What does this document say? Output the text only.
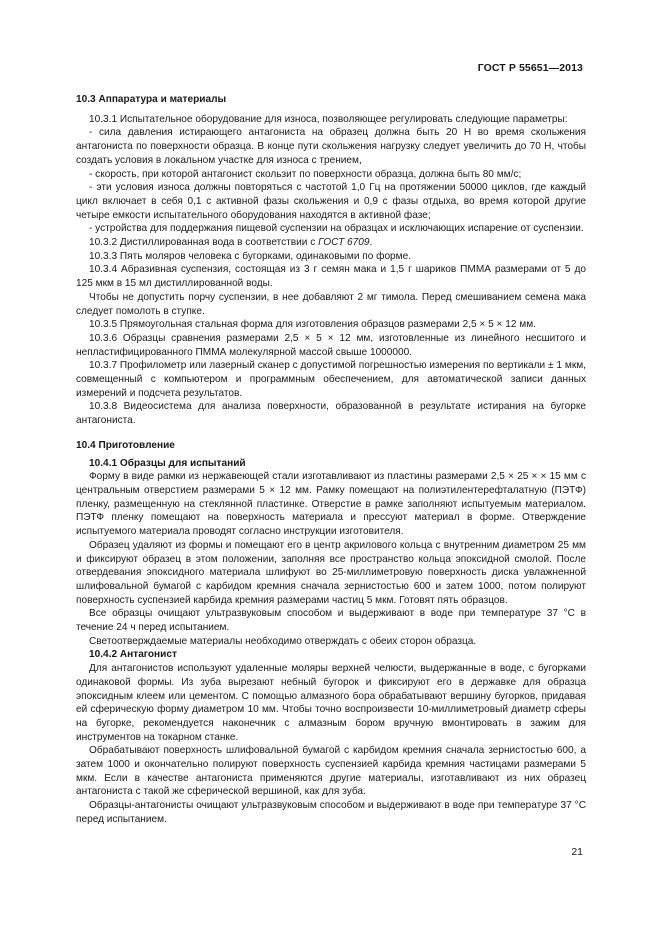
ГОСТ Р 55651—2013
10.3 Аппаратура и материалы

10.3.1 Испытательное оборудование для износа, позволяющее регулировать следующие параметры:

- сила давления истирающего антагониста на образец должна быть 20 Н во время скольжения антагониста по поверхности образца. В конце пути скольжения нагрузку следует увеличить до 70 Н, чтобы создать условия в локальном участке для износа с трением,

- скорость, при которой антагонист скользит по поверхности образца, должна быть 80 мм/с;

- эти условия износа должны повторяться с частотой 1,0 Гц на протяжении 50000 циклов, где каждый цикл включает в себя 0,1 с активной фазы скольжения и 0,9 с фазы отдыха, во время которой другие четыре емкости испытательного оборудования находятся в активной фазе;

- устройства для поддержания пищевой суспензии на образцах и исключающих испарение от суспензии.

10.3.2 Дистиллированная вода в соответствии с ГОСТ 6709.

10.3.3 Пять моляров человека с бугорками, одинаковыми по форме.

10.3.4 Абразивная суспензия, состоящая из 3 г семян мака и 1,5 г шариков ПММА размерами от 5 до 125 мкм в 15 мл дистиллированной воды.

Чтобы не допустить порчу суспензии, в нее добавляют 2 мг тимола. Перед смешиванием семена мака следует помолоть в ступке.

10.3.5 Прямоугольная стальная форма для изготовления образцов размерами 2,5 × 5 × 12 мм.

10.3.6 Образцы сравнения размерами 2,5 × 5 × 12 мм, изготовленные из линейного несшитого и непластифицированного ПММА молекулярной массой свыше 1000000.

10.3.7 Профилометр или лазерный сканер с допустимой погрешностью измерения по вертикали ± 1 мкм, совмещенный с компьютером и программным обеспечением, для автоматической записи данных измерений и подсчета результатов.

10.3.8 Видеосистема для анализа поверхности, образованной в результате истирания на бугорке антагониста.

10.4 Приготовление
10.4.1 Образцы для испытаний

Форму в виде рамки из нержавеющей стали изготавливают из пластины размерами 2,5 × 25 × × 15 мм с центральным отверстием размерами 5 × 12 мм. Рамку помещают на полиэтилентерефталатную (ПЭТФ) пленку, размещенную на стеклянной пластинке. Отверстие в рамке заполняют испытуемым материалом. ПЭТФ пленку помещают на поверхность материала и прессуют материал в форме. Отверждение испытуемого материала проводят согласно инструкции изготовителя.

Образец удаляют из формы и помещают его в центр акрилового кольца с внутренним диаметром 25 мм и фиксируют образец в этом положении, заполняя все пространство кольца эпоксидной смолой. После отвердевания эпоксидного материала шлифуют во 25-миллиметровую поверхность диска увлажненной шлифовальной бумагой с карбидом кремния сначала зернистостью 600 и затем 1000, потом полируют поверхность суспензией карбида кремния размерами частиц 5 мкм. Готовят пять образцов.

Все образцы очищают ультразвуковым способом и выдерживают в воде при температуре 37 °С в течение 24 ч перед испытанием.

Светоотверждаемые материалы необходимо отверждать с обеих сторон образца.

10.4.2 Антагонист

Для антагонистов используют удаленные моляры верхней челюсти, выдержанные в воде, с бугорками одинаковой формы. Из зуба вырезают небный бугорок и фиксируют его в державке для образца эпоксидным клеем или цементом. С помощью алмазного бора обрабатывают вершину бугорков, придавая ей сферическую форму диаметром 10 мм. Чтобы точно воспроизвести 10-миллиметровый диаметр сферы на бугорке, рекомендуется наконечник с алмазным бором вручную вмонтировать в зажим для инструментов на токарном станке.

Обрабатывают поверхность шлифовальной бумагой с карбидом кремния сначала зернистостью 600, а затем 1000 и окончательно полируют поверхность суспензией карбида кремния частицами размерами 5 мкм. Если в качестве антагониста применяются другие материалы, изготавливают из них образец антагониста с такой же сферической вершиной, как для зуба.

Образцы-антагонисты очищают ультразвуковым способом и выдерживают в воде при температуре 37 °С перед испытанием.

21
